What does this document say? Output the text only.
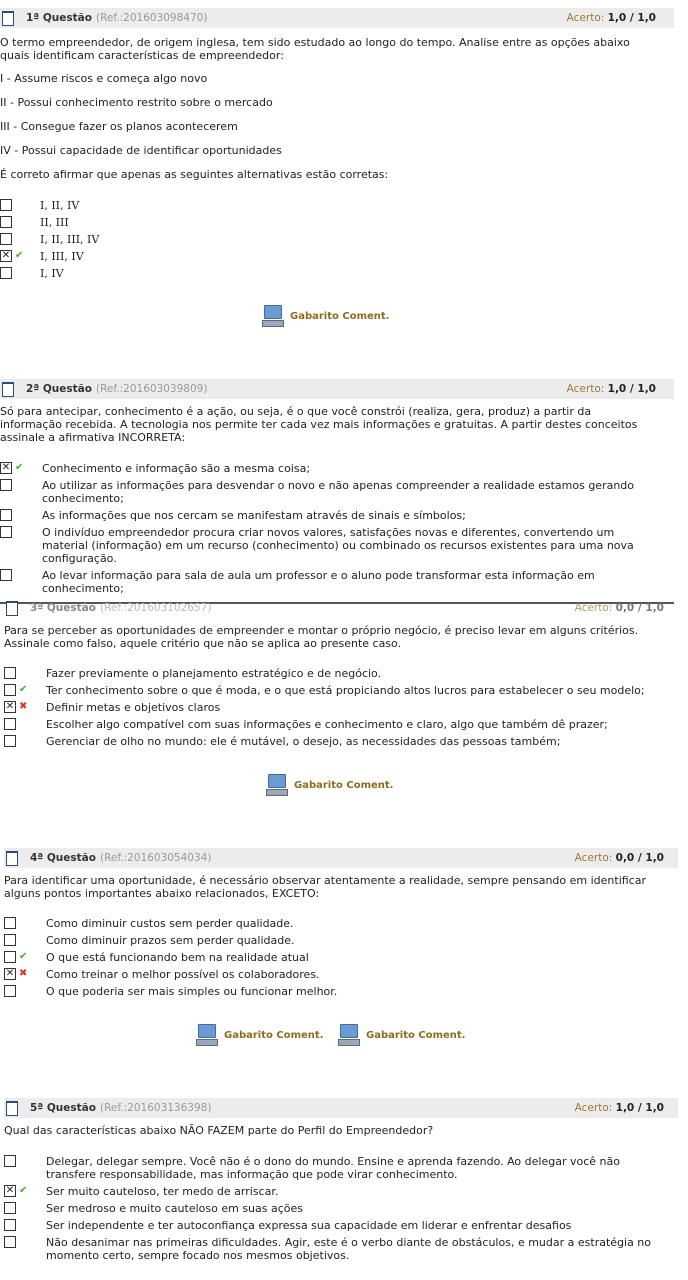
1ª Questão (Ref.:201603098470)	Acerto: 1,0 / 1,0
O termo empreendedor, de origem inglesa, tem sido estudado ao longo do tempo. Analise entre as opções abaixo
quais identificam características de empreendedor:
I - Assume riscos e começa algo novo
II - Possui conhecimento restrito sobre o mercado
III - Consegue fazer os planos acontecerem
IV - Possui capacidade de identificar oportunidades
É correto afirmar que apenas as seguintes alternativas estão corretas:
I, II, IV
II, III
I, II, III, IV
✕ ✔ I, III, IV
I, IV
Gabarito Coment.
2ª Questão (Ref.:201603039809)	Acerto: 1,0 / 1,0
Só para antecipar, conhecimento é a ação, ou seja, é o que você constrói (realiza, gera, produz) a partir da
informação recebida. A tecnologia nos permite ter cada vez mais informações e gratuitas. A partir destes conceitos
assinale a afirmativa INCORRETA:
✕ ✔ Conhecimento e informação são a mesma coisa;
Ao utilizar as informações para desvendar o novo e não apenas compreender a realidade estamos gerando conhecimento;
As informações que nos cercam se manifestam através de sinais e símbolos;
O indivíduo empreendedor procura criar novos valores, satisfações novas e diferentes, convertendo um material (informação) em um recurso (conhecimento) ou combinado os recursos existentes para uma nova configuração.
Ao levar informação para sala de aula um professor e o aluno pode transformar esta informação em conhecimento;
3ª Questão (Ref.:201603102657)	Acerto: 0,0 / 1,0
Para se perceber as oportunidades de empreender e montar o próprio negócio, é preciso levar em alguns critérios.
Assinale como falso, aquele critério que não se aplica ao presente caso.
Fazer previamente o planejamento estratégico e de negócio.
✔ Ter conhecimento sobre o que é moda, e o que está propiciando altos lucros para estabelecer o seu modelo;
✕ ✖ Definir metas e objetivos claros
Escolher algo compatível com suas informações e conhecimento e claro, algo que também dê prazer;
Gerenciar de olho no mundo: ele é mutável, o desejo, as necessidades das pessoas também;
Gabarito Coment.
4ª Questão (Ref.:201603054034)	Acerto: 0,0 / 1,0
Para identificar uma oportunidade, é necessário observar atentamente a realidade, sempre pensando em identificar
alguns pontos importantes abaixo relacionados, EXCETO:
Como diminuir custos sem perder qualidade.
Como diminuir prazos sem perder qualidade.
✔ O que está funcionando bem na realidade atual
✕ ✖ Como treinar o melhor possível os colaboradores.
O que poderia ser mais simples ou funcionar melhor.
Gabarito Coment.	Gabarito Coment.
5ª Questão (Ref.:201603136398)	Acerto: 1,0 / 1,0
Qual das características abaixo NÃO FAZEM parte do Perfil do Empreendedor?
Delegar, delegar sempre. Você não é o dono do mundo. Ensine e aprenda fazendo. Ao delegar você não transfere responsabilidade, mas informação que pode virar conhecimento.
✕ ✔ Ser muito cauteloso, ter medo de arriscar.
Ser medroso e muito cauteloso em suas ações
Ser independente e ter autoconfiança expressa sua capacidade em liderar e enfrentar desafios
Não desanimar nas primeiras dificuldades. Agir, este é o verbo diante de obstáculos, e mudar a estratégia no momento certo, sempre focado nos mesmos objetivos.
